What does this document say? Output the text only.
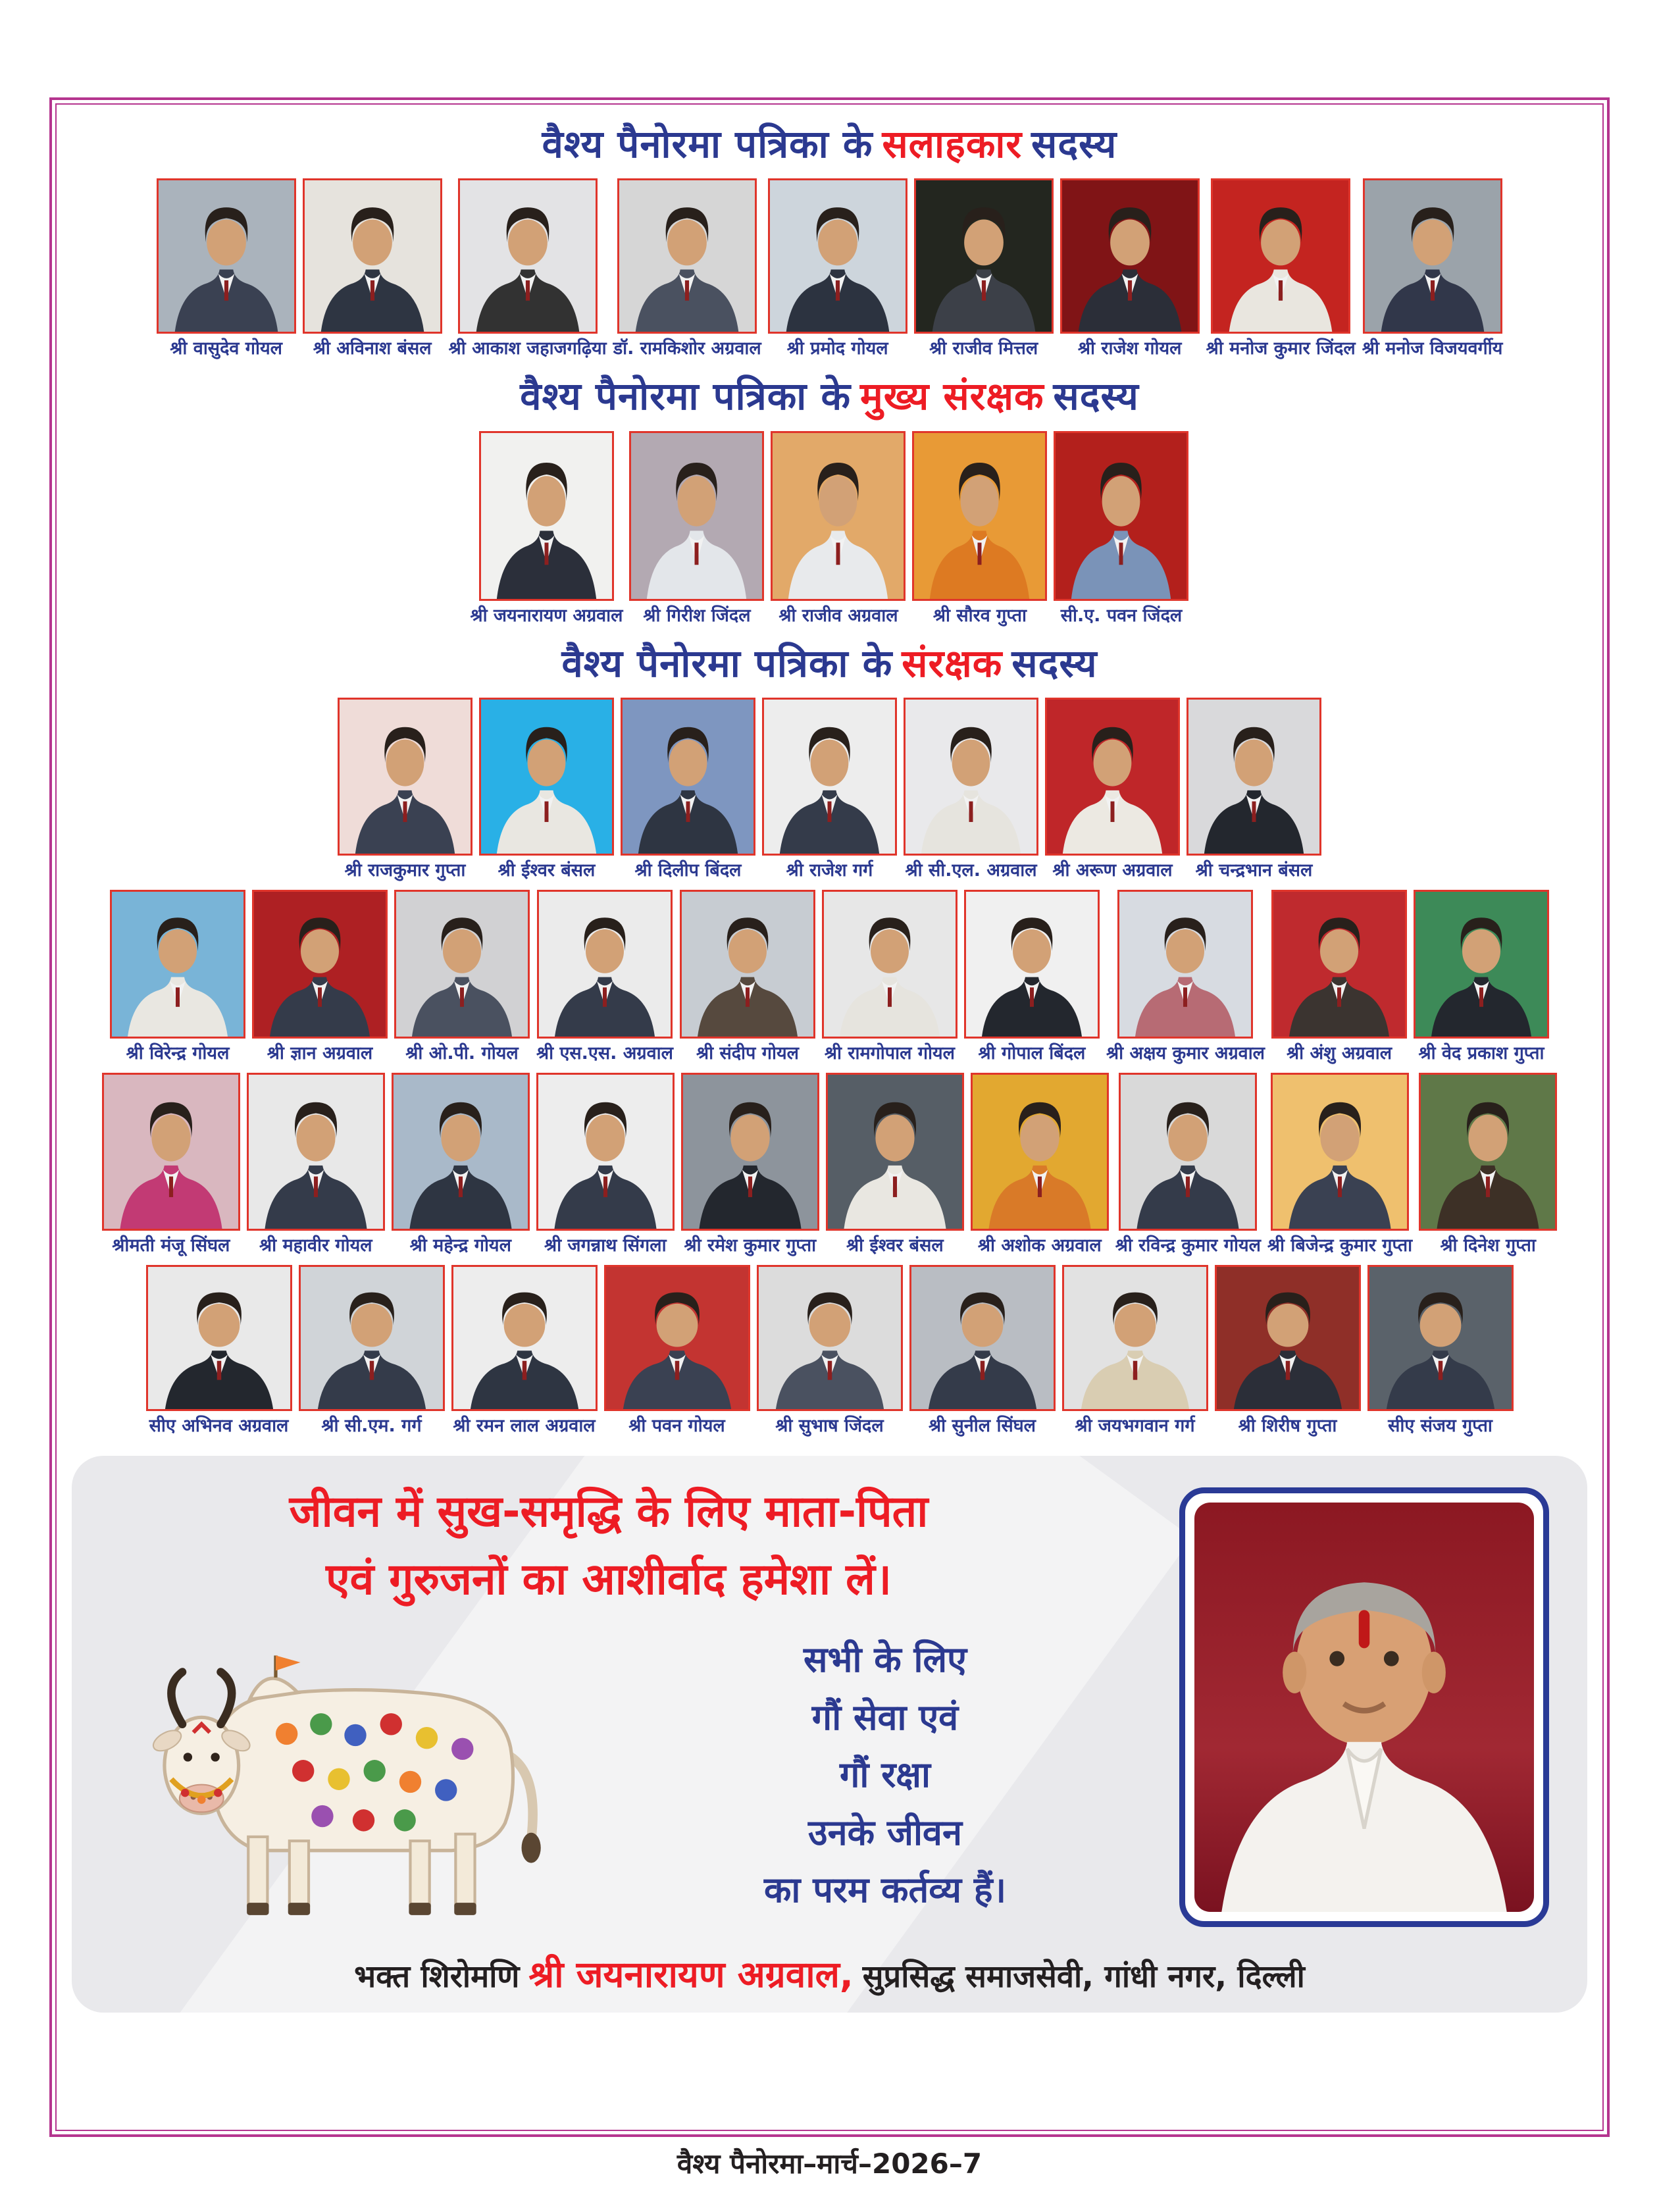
वैश्य पैनोरमा पत्रिका के सलाहकार सदस्य
श्री वासुदेव गोयल श्री अविनाश बंसल श्री आकाश जहाजगढ़िया डॉ. रामकिशोर अग्रवाल श्री प्रमोद गोयल श्री राजीव मित्तल श्री राजेश गोयल श्री मनोज कुमार जिंदल श्री मनोज विजयवर्गीय
वैश्य पैनोरमा पत्रिका के मुख्य संरक्षक सदस्य
श्री जयनारायण अग्रवाल श्री गिरीश जिंदल श्री राजीव अग्रवाल श्री सौरव गुप्ता सी.ए. पवन जिंदल
वैश्य पैनोरमा पत्रिका के संरक्षक सदस्य
श्री राजकुमार गुप्ता श्री ईश्वर बंसल श्री दिलीप बिंदल	श्री राजेश गर्ग श्री सी.एल. अग्रवाल श्री अरूण अग्रवाल श्री चन्द्रभान बंसल
श्री विरेन्द्र गोयल श्री ज्ञान अग्रवाल श्री ओ.पी. गोयल श्री एस.एस. अग्रवाल श्री संदीप गोयल श्री रामगोपाल गोयल श्री गोपाल बिंदल श्री अक्षय कुमार अग्रवाल श्री अंशु अग्रवाल श्री वेद प्रकाश गुप्ता
श्रीमती मंजू सिंघल श्री महावीर गोयल श्री महेन्द्र गोयल श्री जगन्नाथ सिंगला श्री रमेश कुमार गुप्ता श्री ईश्वर बंसल श्री अशोक अग्रवाल श्री रविन्द्र कुमार गोयल श्री बिजेन्द्र कुमार गुप्ता श्री दिनेश गुप्ता
सीए अभिनव अग्रवाल श्री सी.एम. गर्ग श्री रमन लाल अग्रवाल श्री पवन गोयल	श्री सुभाष जिंदल	श्री सुनील सिंघल श्री जयभगवान गर्ग श्री शिरीष गुप्ता	सीए संजय गुप्ता
जीवन में सुख-समृद्धि के लिए माता-पिता
एवं गुरुजनों का आशीर्वाद हमेशा लें।
सभी के लिए
गौं सेवा एवं
गौं रक्षा
उनके जीवन
का परम कर्तव्य हैं।
भक्त शिरोमणि श्री जयनारायण अग्रवाल, सुप्रसिद्ध समाजसेवी, गांधी नगर, दिल्ली
वैश्य पैनोरमा–मार्च–2026–7
